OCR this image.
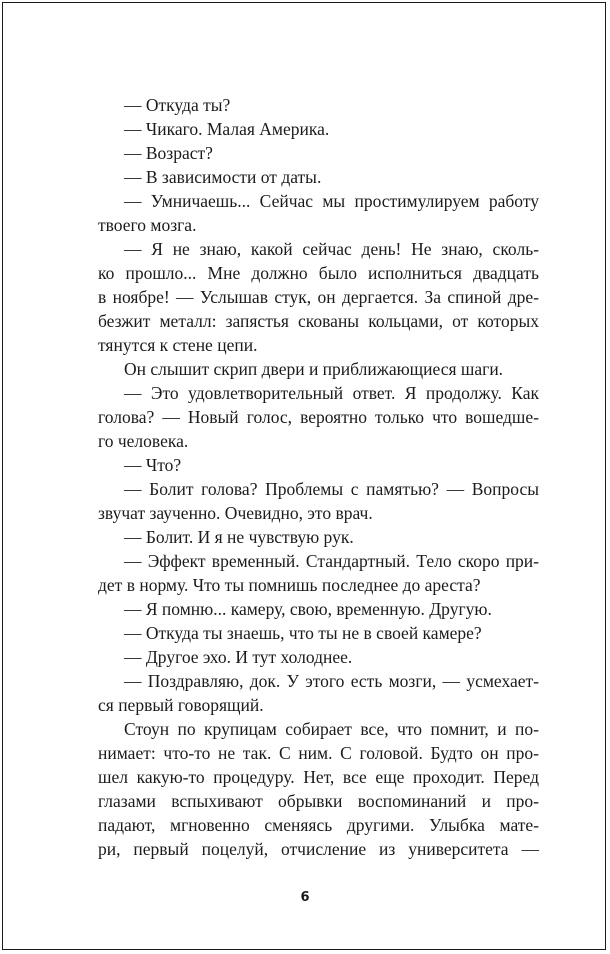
— Откуда ты?
— Чикаго. Малая Америка.
— Возраст?
— В зависимости от даты.
— Умничаешь... Сейчас мы простимулируем работу
твоего мозга.
— Я не знаю, какой сейчас день! Не знаю, сколь-
ко прошло... Мне должно было исполниться двадцать
в ноябре! — Услышав стук, он дергается. За спиной дре-
безжит металл: запястья скованы кольцами, от которых
тянутся к стене цепи.
Он слышит скрип двери и приближающиеся шаги.
— Это удовлетворительный ответ. Я продолжу. Как
голова? — Новый голос, вероятно только что вошедше-
го человека.
— Что?
— Болит голова? Проблемы с памятью? — Вопросы
звучат заученно. Очевидно, это врач.
— Болит. И я не чувствую рук.
— Эффект временный. Стандартный. Тело скоро при-
дет в норму. Что ты помнишь последнее до ареста?
— Я помню... камеру, свою, временную. Другую.
— Откуда ты знаешь, что ты не в своей камере?
— Другое эхо. И тут холоднее.
— Поздравляю, док. У этого есть мозги, — усмехает-
ся первый говорящий.
Стоун по крупицам собирает все, что помнит, и по-
нимает: что-то не так. С ним. С головой. Будто он про-
шел какую-то процедуру. Нет, все еще проходит. Перед
глазами вспыхивают обрывки воспоминаний и про-
падают, мгновенно сменяясь другими. Улыбка мате-
ри, первый поцелуй, отчисление из университета —
6
